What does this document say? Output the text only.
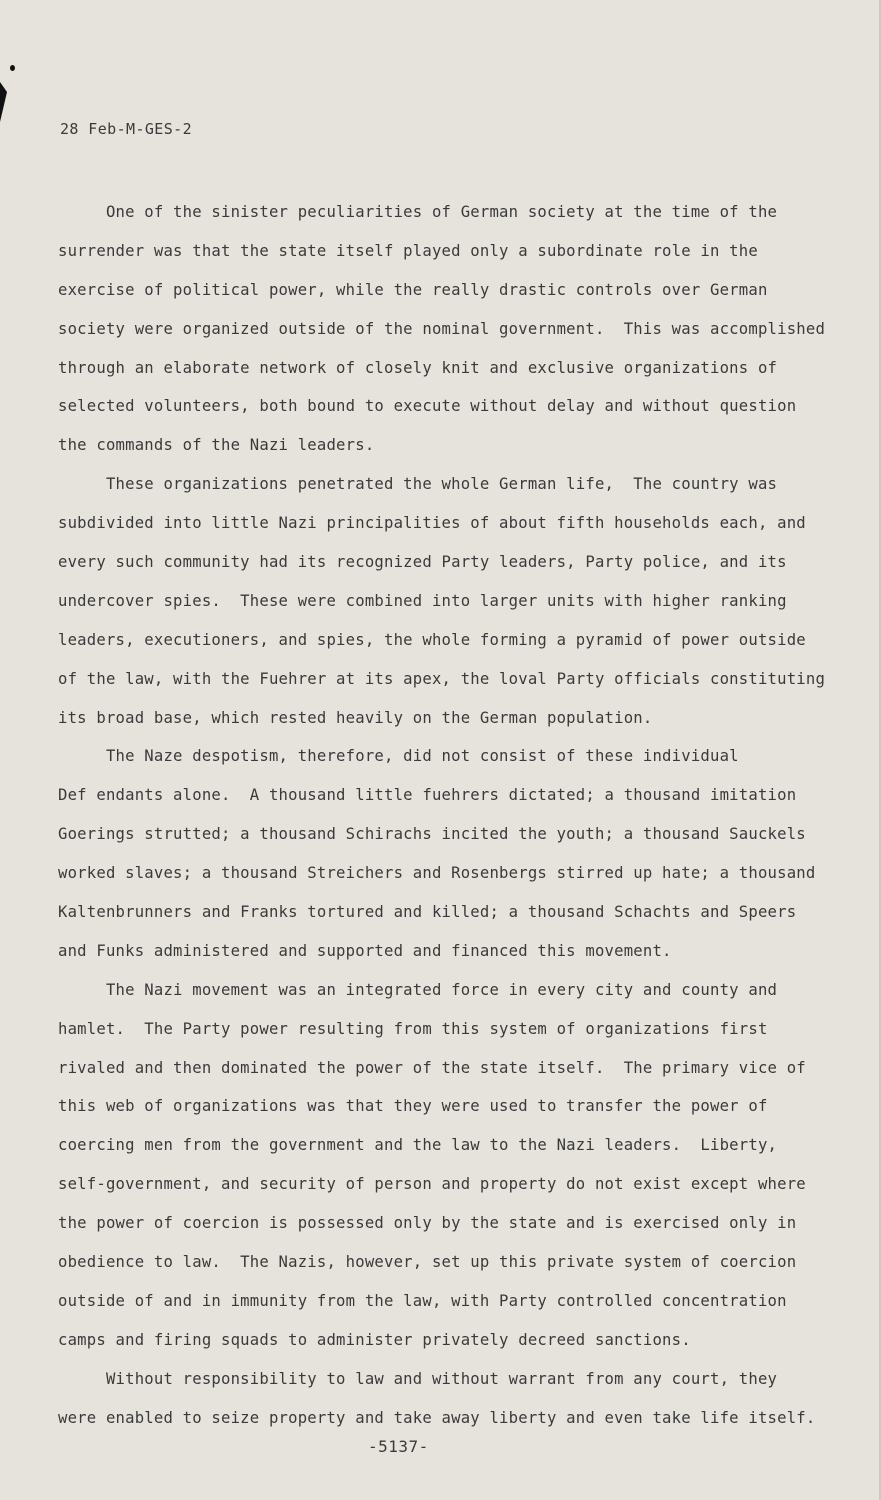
28 Feb-M-GES-2
One of the sinister peculiarities of German society at the time of the
surrender was that the state itself played only a subordinate role in the
exercise of political power, while the really drastic controls over German
society were organized outside of the nominal government.  This was accomplished
through an elaborate network of closely knit and exclusive organizations of
selected volunteers, both bound to execute without delay and without question
the commands of the Nazi leaders.
These organizations penetrated the whole German life,  The country was
subdivided into little Nazi principalities of about fifth households each, and
every such community had its recognized Party leaders, Party police, and its
undercover spies.  These were combined into larger units with higher ranking
leaders, executioners, and spies, the whole forming a pyramid of power outside
of the law, with the Fuehrer at its apex, the loval Party officials constituting
its broad base, which rested heavily on the German population.
The Naze despotism, therefore, did not consist of these individual
Def endants alone.  A thousand little fuehrers dictated; a thousand imitation
Goerings strutted; a thousand Schirachs incited the youth; a thousand Sauckels
worked slaves; a thousand Streichers and Rosenbergs stirred up hate; a thousand
Kaltenbrunners and Franks tortured and killed; a thousand Schachts and Speers
and Funks administered and supported and financed this movement.
The Nazi movement was an integrated force in every city and county and
hamlet.  The Party power resulting from this system of organizations first
rivaled and then dominated the power of the state itself.  The primary vice of
this web of organizations was that they were used to transfer the power of
coercing men from the government and the law to the Nazi leaders.  Liberty,
self-government, and security of person and property do not exist except where
the power of coercion is possessed only by the state and is exercised only in
obedience to law.  The Nazis, however, set up this private system of coercion
outside of and in immunity from the law, with Party controlled concentration
camps and firing squads to administer privately decreed sanctions.
Without responsibility to law and without warrant from any court, they
were enabled to seize property and take away liberty and even take life itself.
-5137-
